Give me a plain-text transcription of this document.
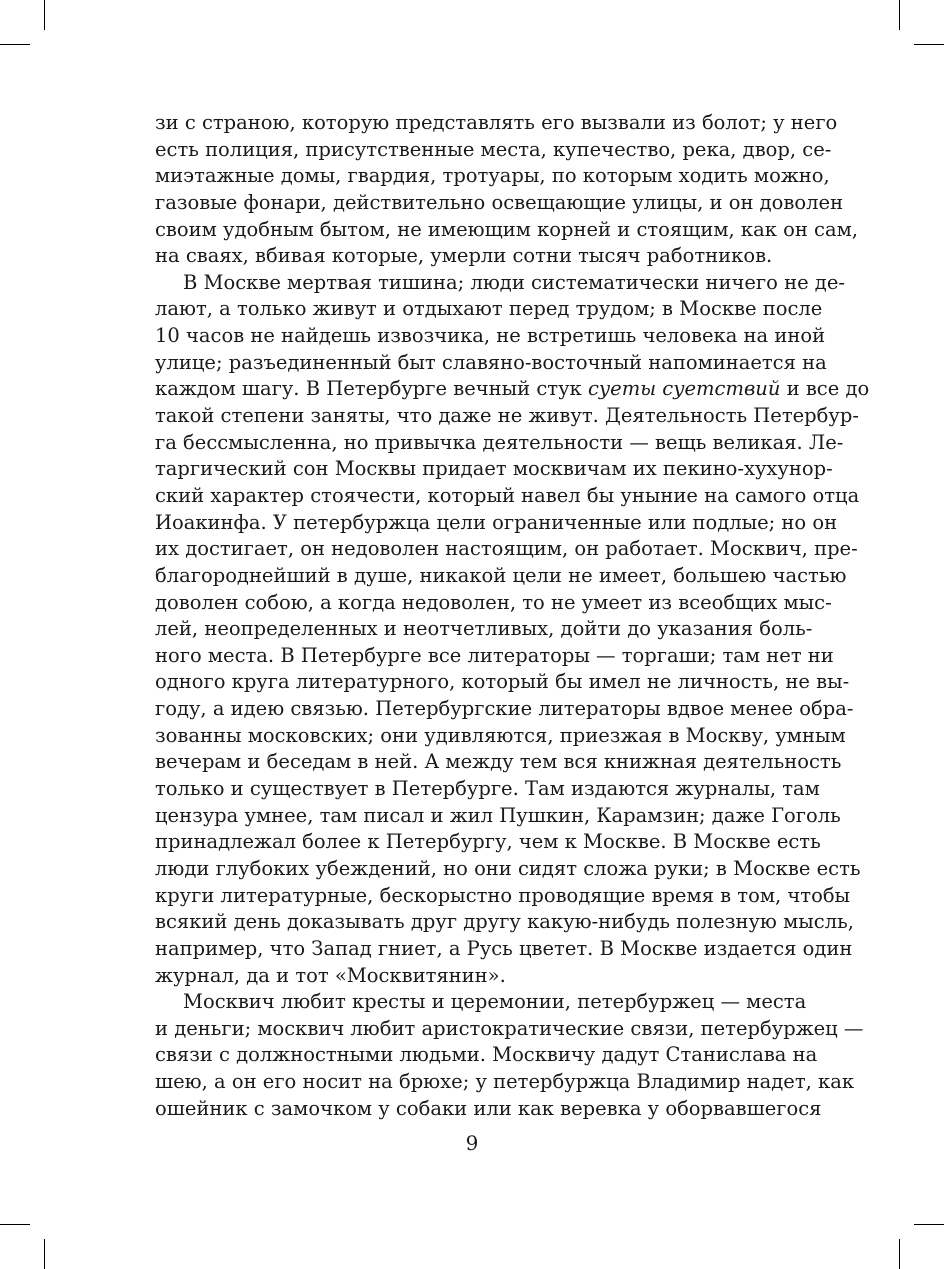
зи с страною, которую представлять его вызвали из болот; у него
есть полиция, присутственные места, купечество, река, двор, се-
миэтажные домы, гвардия, тротуары, по которым ходить можно,
газовые фонари, действительно освещающие улицы, и он доволен
своим удобным бытом, не имеющим корней и стоящим, как он сам,
на сваях, вбивая которые, умерли сотни тысяч работников.
В Москве мертвая тишина; люди систематически ничего не де-
лают, а только живут и отдыхают перед трудом; в Москве после
10 часов не найдешь извозчика, не встретишь человека на иной
улице; разъединенный быт славяно-восточный напоминается на
каждом шагу. В Петербурге вечный стук суеты суетствий и все до
такой степени заняты, что даже не живут. Деятельность Петербур-
га бессмысленна, но привычка деятельности — вещь великая. Ле-
таргический сон Москвы придает москвичам их пекино-хухунор-
ский характер стоячести, который навел бы уныние на самого отца
Иоакинфа. У петербуржца цели ограниченные или подлые; но он
их достигает, он недоволен настоящим, он работает. Москвич, пре-
благороднейший в душе, никакой цели не имеет, большею частью
доволен собою, а когда недоволен, то не умеет из всеобщих мыс-
лей, неопределенных и неотчетливых, дойти до указания боль-
ного места. В Петербурге все литераторы — торгаши; там нет ни
одного круга литературного, который бы имел не личность, не вы-
году, а идею связью. Петербургские литераторы вдвое менее обра-
зованны московских; они удивляются, приезжая в Москву, умным
вечерам и беседам в ней. А между тем вся книжная деятельность
только и существует в Петербурге. Там издаются журналы, там
цензура умнее, там писал и жил Пушкин, Карамзин; даже Гоголь
принадлежал более к Петербургу, чем к Москве. В Москве есть
люди глубоких убеждений, но они сидят сложа руки; в Москве есть
круги литературные, бескорыстно проводящие время в том, чтобы
всякий день доказывать друг другу какую-нибудь полезную мысль,
например, что Запад гниет, а Русь цветет. В Москве издается один
журнал, да и тот «Москвитянин».
Москвич любит кресты и церемонии, петербуржец — места
и деньги; москвич любит аристократические связи, петербуржец —
связи с должностными людьми. Москвичу дадут Станислава на
шею, а он его носит на брюхе; у петербуржца Владимир надет, как
ошейник с замочком у собаки или как веревка у оборвавшегося
9
